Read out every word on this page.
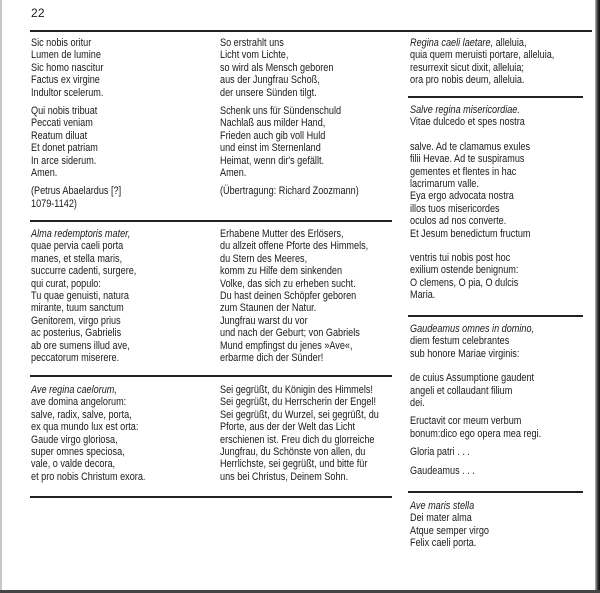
22
Sic nobis oritur
Lumen de lumine
Sic homo nascitur
Factus ex virgine
Indultor scelerum.
Qui nobis tribuat
Peccati veniam
Reatum diluat
Et donet patriam
In arce siderum.
Amen.
(Petrus Abaelardus [?]
1079-1142)
Alma redemptoris mater,
quae pervia caeli porta
manes, et stella maris,
succurre cadenti, surgere,
qui curat, populo:
Tu quae genuisti, natura
mirante, tuum sanctum
Genitorem, virgo prius
ac posterius, Gabrielis
ab ore sumens illud ave,
peccatorum miserere.
Ave regina caelorum,
ave domina angelorum:
salve, radix, salve, porta,
ex qua mundo lux est orta:
Gaude virgo gloriosa,
super omnes speciosa,
vale, o valde decora,
et pro nobis Christum exora.
So erstrahlt uns
Licht vom Lichte,
so wird als Mensch geboren
aus der Jungfrau Schoß,
der unsere Sünden tilgt.
Schenk uns für Sündenschuld
Nachlaß aus milder Hand,
Frieden auch gib voll Huld
und einst im Sternenland
Heimat, wenn dir's gefällt.
Amen.
(Übertragung: Richard Zoozmann)
Erhabene Mutter des Erlösers,
du allzeit offene Pforte des Himmels,
du Stern des Meeres,
komm zu Hilfe dem sinkenden
Volke, das sich zu erheben sucht.
Du hast deinen Schöpfer geboren
zum Staunen der Natur.
Jungfrau warst du vor
und nach der Geburt; von Gabriels
Mund empfingst du jenes »Ave«,
erbarme dich der Sünder!
Sei gegrüßt, du Königin des Himmels!
Sei gegrüßt, du Herrscherin der Engel!
Sei gegrüßt, du Wurzel, sei gegrüßt, du
Pforte, aus der der Welt das Licht
erschienen ist. Freu dich du glorreiche
Jungfrau, du Schönste von allen, du
Herrlichste, sei gegrüßt, und bitte für
uns bei Christus, Deinem Sohn.
Regina caeli laetare, alleluia,
quia quem meruisti portare, alleluia,
resurrexit sicut dixit, alleluia;
ora pro nobis deum, alleluia.
Salve regina misericordiae.
Vitae dulcedo et spes nostra
salve. Ad te clamamus exules
filii Hevae. Ad te suspiramus
gementes et flentes in hac
lacrimarum valle.
Eya ergo advocata nostra
illos tuos misericordes
oculos ad nos converte.
Et Jesum benedictum fructum
ventris tui nobis post hoc
exilium ostende benignum:
O clemens, O pia, O dulcis
Maria.
Gaudeamus omnes in domino,
diem festum celebrantes
sub honore Mariae virginis:
de cuius Assumptione gaudent
angeli et collaudant filium
dei.
Eructavit cor meum verbum
bonum:dico ego opera mea regi.
Gloria patri . . .
Gaudeamus . . .
Ave maris stella
Dei mater alma
Atque semper virgo
Felix caeli porta.
